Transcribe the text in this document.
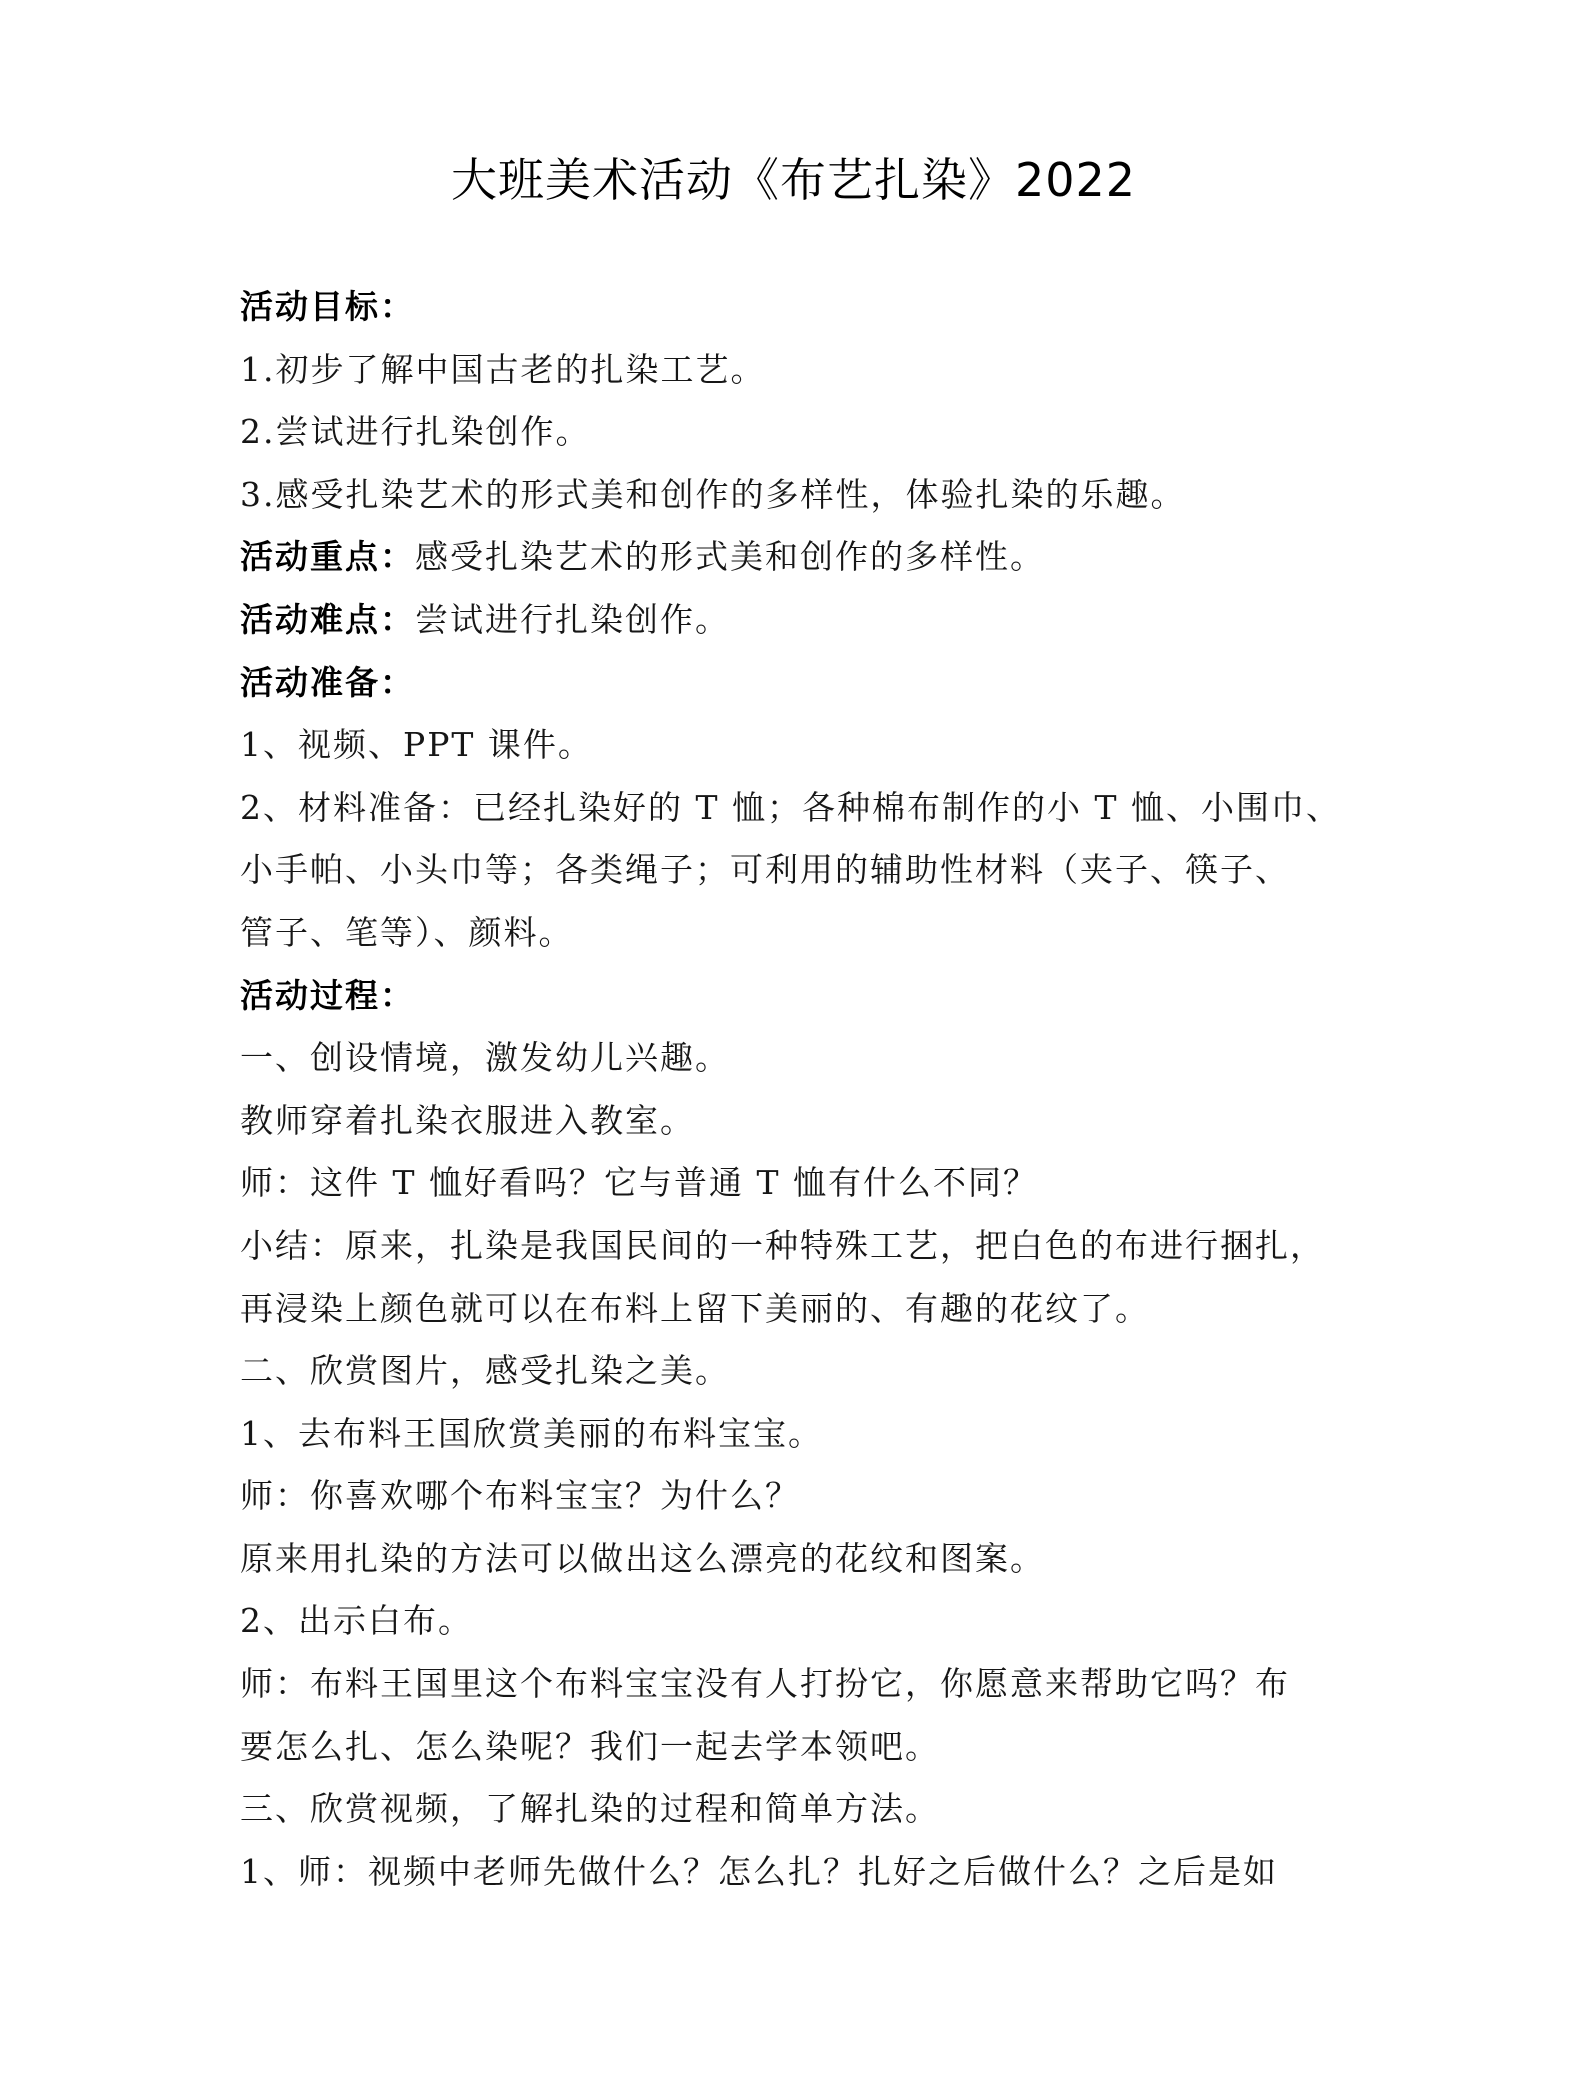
大班美术活动《布艺扎染》2022
活动目标：
1.初步了解中国古老的扎染工艺。
2.尝试进行扎染创作。
3.感受扎染艺术的形式美和创作的多样性，体验扎染的乐趣。
活动重点：感受扎染艺术的形式美和创作的多样性。
活动难点：尝试进行扎染创作。
活动准备：
1、视频、PPT 课件。
2、材料准备：已经扎染好的 T 恤；各种棉布制作的小 T 恤、小围巾、
小手帕、小头巾等；各类绳子；可利用的辅助性材料（夹子、筷子、
管子、笔等）、颜料。
活动过程：
一、创设情境，激发幼儿兴趣。
教师穿着扎染衣服进入教室。
师：这件 T 恤好看吗？它与普通 T 恤有什么不同？
小结：原来，扎染是我国民间的一种特殊工艺，把白色的布进行捆扎，
再浸染上颜色就可以在布料上留下美丽的、有趣的花纹了。
二、欣赏图片，感受扎染之美。
1、去布料王国欣赏美丽的布料宝宝。
师：你喜欢哪个布料宝宝？为什么？
原来用扎染的方法可以做出这么漂亮的花纹和图案。
2、出示白布。
师：布料王国里这个布料宝宝没有人打扮它，你愿意来帮助它吗？布
要怎么扎、怎么染呢？我们一起去学本领吧。
三、欣赏视频，了解扎染的过程和简单方法。
1、师：视频中老师先做什么？怎么扎？扎好之后做什么？之后是如
